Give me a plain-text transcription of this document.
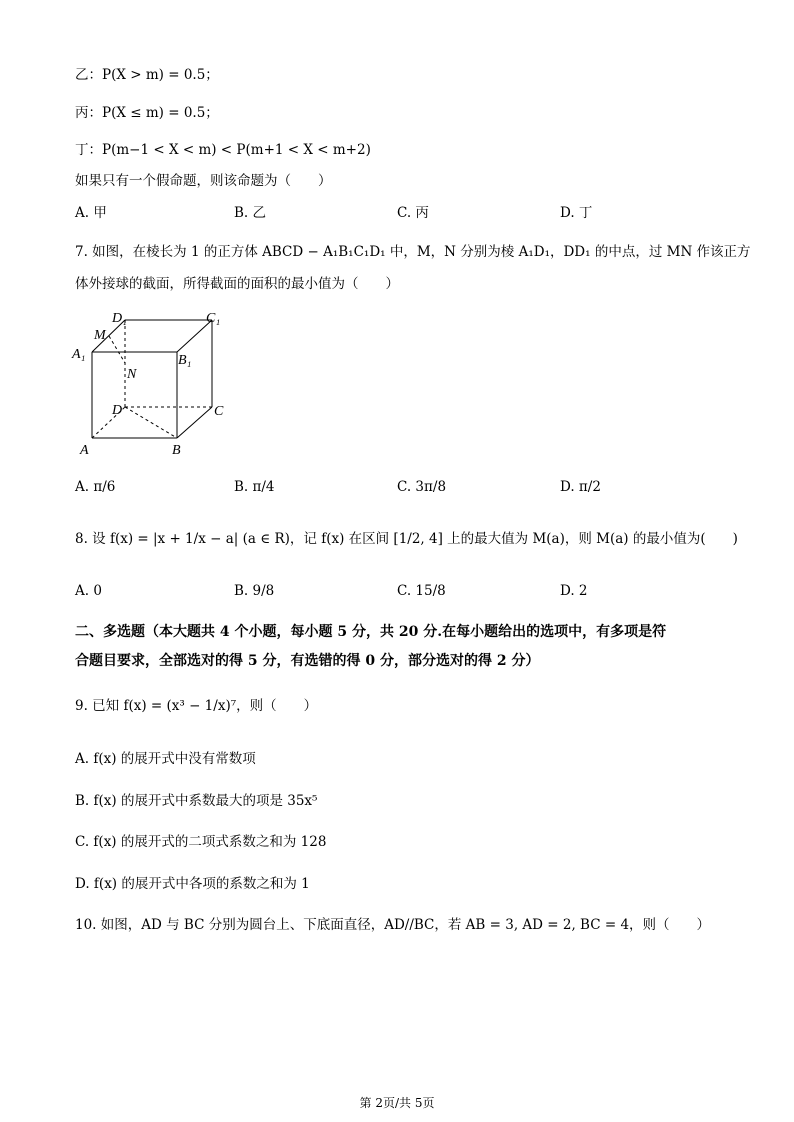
乙：P(X > m) = 0.5；
丙：P(X ≤ m) = 0.5；
丁：P(m−1 < X < m) < P(m+1 < X < m+2)
如果只有一个假命题，则该命题为（　　）
A. 甲	B. 乙	C. 丙	D. 丁
7. 如图，在棱长为 1 的正方体 ABCD − A₁B₁C₁D₁ 中，M，N 分别为棱 A₁D₁，DD₁ 的中点，过 MN 作该正方
体外接球的截面，所得截面的面积的最小值为（　　）
D₁	C₁
M
A₁	B₁
N
D	C
A	B
A. π/6	B. π/4	C. 3π/8	D. π/2
8. 设 f(x) = |x + 1/x − a| (a ∈ R)，记 f(x) 在区间 [1/2, 4] 上的最大值为 M(a)，则 M(a) 的最小值为(　　)
A. 0	B. 9/8	C. 15/8	D. 2
二、多选题（本大题共 4 个小题，每小题 5 分，共 20 分.在每小题给出的选项中，有多项是符
合题目要求，全部选对的得 5 分，有选错的得 0 分，部分选对的得 2 分）
9. 已知 f(x) = (x³ − 1/x)⁷，则（　　）
A. f(x) 的展开式中没有常数项
B. f(x) 的展开式中系数最大的项是 35x⁵
C. f(x) 的展开式的二项式系数之和为 128
D. f(x) 的展开式中各项的系数之和为 1
10. 如图，AD 与 BC 分别为圆台上、下底面直径，AD//BC，若 AB = 3, AD = 2, BC = 4，则（　　）
第 2页/共 5页
